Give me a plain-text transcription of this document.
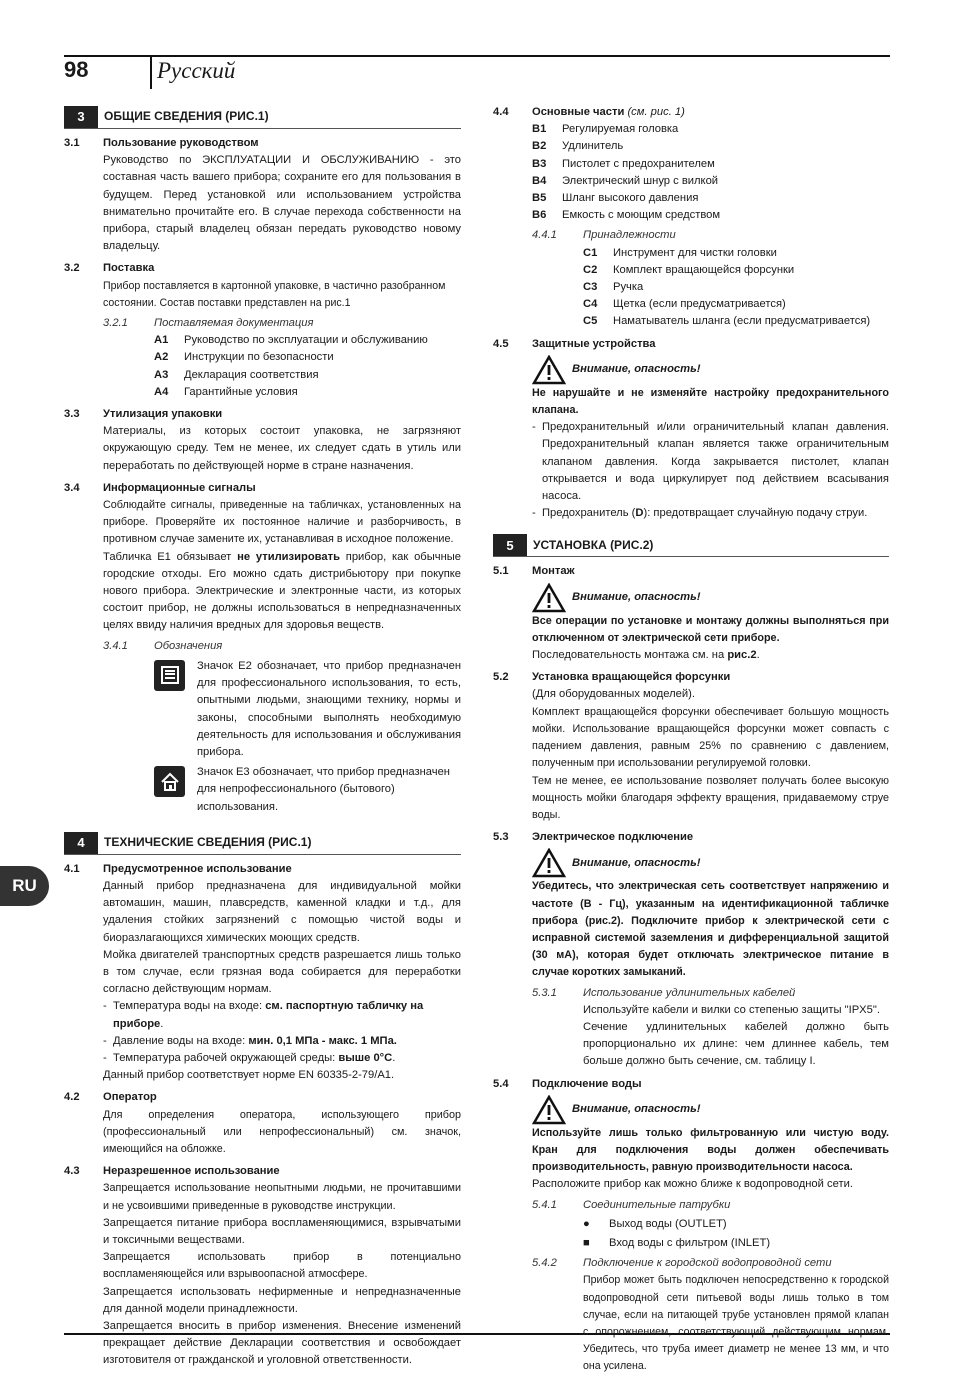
98	Русский
RU
3	ОБЩИЕ СВЕДЕНИЯ (РИС.1)
3.1	Пользование руководством

Руководство по ЭКСПЛУАТАЦИИ И ОБСЛУЖИВАНИЮ - это составная часть вашего прибора; сохраните его для пользования в будущем. Перед установкой или использованием устройства внимательно прочитайте его. В случае перехода собственности на прибора, старый владелец обязан передать руководство новому владельцу.

3.2	Поставка

Прибор поставляется в картонной упаковке, в частично разобранном состоянии. Состав поставки представлен на рис.1

3.2.1	Поставляемая документация
A1	Руководство по эксплуатации и обслуживанию
A2	Инструкции по безопасности
A3	Декларация соответствия
A4	Гарантийные условия
3.3	Утилизация упаковки

Материалы, из которых состоит упаковка, не загрязняют окружающую среду. Тем не менее, их следует сдать в утиль или переработать по действующей норме в стране назначения.

3.4	Информационные сигналы

Соблюдайте сигналы, приведенные на табличках, установленных на приборе. Проверяйте их постоянное наличие и разборчивость, в противном случае замените их, устанавливая в исходное положение.

Табличка Е1 обязывает не утилизировать прибор, как обычные городские отходы. Его можно сдать дистрибьютору при покупке нового прибора. Электрические и электронные части, из которых состоит прибор, не должны использоваться в непредназначенных целях ввиду наличия вредных для здоровья веществ.

3.4.1	Обозначения

Значок Е2 обозначает, что прибор предназначен для профессионального использования, то есть, опытными людьми, знающими технику, нормы и законы, способными выполнять необходимую деятельность для использования и обслуживания прибора.

Значок Е3 обозначает, что прибор предназначен для непрофессионального (бытового) использования.

4	ТЕХНИЧЕСКИЕ СВЕДЕНИЯ (РИС.1)
4.1	Предусмотренное использование

Данный прибор предназначена для индивидуальной мойки автомашин, машин, плавсредств, каменной кладки и т.д., для удаления стойких загрязнений с помощью чистой воды и биоразлагающихся химических моющих средств.

Мойка двигателей транспортных средств разрешается лишь только в том случае, если грязная вода собирается для переработки согласно действующим нормам.

- Температура воды на входе: см. паспортную табличку на приборе.
- Давление воды на входе: мин. 0,1 МПа - макс. 1 МПа.
- Температура рабочей окружающей среды: выше 0°С.

Данный прибор соответствует норме EN 60335-2-79/A1.

4.2	Оператор

Для определения оператора, использующего прибор (профессиональный или непрофессиональный) см. значок, имеющийся на обложке.

4.3	Неразрешенное использование

Запрещается использование неопытными людьми, не прочитавшими и не усвоившими приведенные в руководстве инструкции.

Запрещается питание прибора воспламеняющимися, взрывчатыми и токсичными веществами.

Запрещается использовать прибор в потенциально воспламеняющейся или взрывоопасной атмосфере.

Запрещается использовать нефирменные и непредназначенные для данной модели принадлежности.

Запрещается вносить в прибор изменения. Внесение изменений прекращает действие Декларации соответствия и освобождает изготовителя от гражданской и уголовной ответственности.

4.4	Основные части
(см. рис. 1)
B1	Регулируемая головка
B2	Удлинитель
B3	Пистолет с предохранителем
B4	Электрический шнур с вилкой
B5	Шланг высокого давления
B6	Емкость с моющим средством
4.4.1	Принадлежности
C1	Инструмент для чистки головки
C2	Комплект вращающейся форсунки
C3	Ручка
C4	Щетка (если предусматривается)
C5	Наматыватель шланга (если предусматривается)
4.5	Защитные устройства
Внимание, опасность!

Не нарушайте и не изменяйте настройку предохранительного клапана.

- Предохранительный и/или ограничительный клапан давления. Предохранительный клапан является также ограничительным клапаном давления. Когда закрывается пистолет, клапан открывается и вода циркулирует под действием всасывания насоса.

- Предохранитель (D): предотвращает случайную подачу струи.
5	УСТАНОВКА (РИС.2)
5.1	Монтаж
Внимание, опасность!

Все операции по установке и монтажу должны выполняться при отключенном от электрической сети приборе.

Последовательность монтажа см. на рис.2.

5.2	Установка вращающейся форсунки

(Для оборудованных моделей).

Комплект вращающейся форсунки обеспечивает большую мощность мойки. Использование вращающейся форсунки может совпасть с падением давления, равным 25% по сравнению с давлением, полученным при использовании регулируемой головки.

Тем не менее, ее использование позволяет получать более высокую мощность мойки благодаря эффекту вращения, придаваемому струе воды.

5.3	Электрическое подключение
Внимание, опасность!

Убедитесь, что электрическая сеть соответствует напряжению и частоте (В - Гц), указанным на идентификационной табличке прибора (рис.2). Подключите прибор к электрической сети с исправной системой заземления и дифференциальной защитой (30 мА), которая будет отключать электрическое питание в случае коротких замыканий.

5.3.1	Использование удлинительных кабелей

Используйте кабели и вилки со степенью защиты "IPX5".

Сечение удлинительных кабелей должно быть пропорционально их длине: чем длиннее кабель, тем больше должно быть сечение, см. таблицу I.

5.4	Подключение воды
Внимание, опасность!

Используйте лишь только фильтрованную или чистую воду. Кран для подключения воды должен обеспечивать производительность, равную производительности насоса.

Расположите прибор как можно ближе к водопроводной сети.

5.4.1	Соединительные патрубки
●	Выход воды (OUTLET)
■	Вход воды с фильтром (INLET)
5.4.2	Подключение к городской водопроводной сети

Прибор может быть подключен непосредственно к городской водопроводной сети питьевой воды лишь только в том случае, если на питающей трубе установлен прямой клапан с опорожнением, соответствующий действующим нормам. Убедитесь, что труба имеет диаметр не менее 13 мм, и что она усилена.
